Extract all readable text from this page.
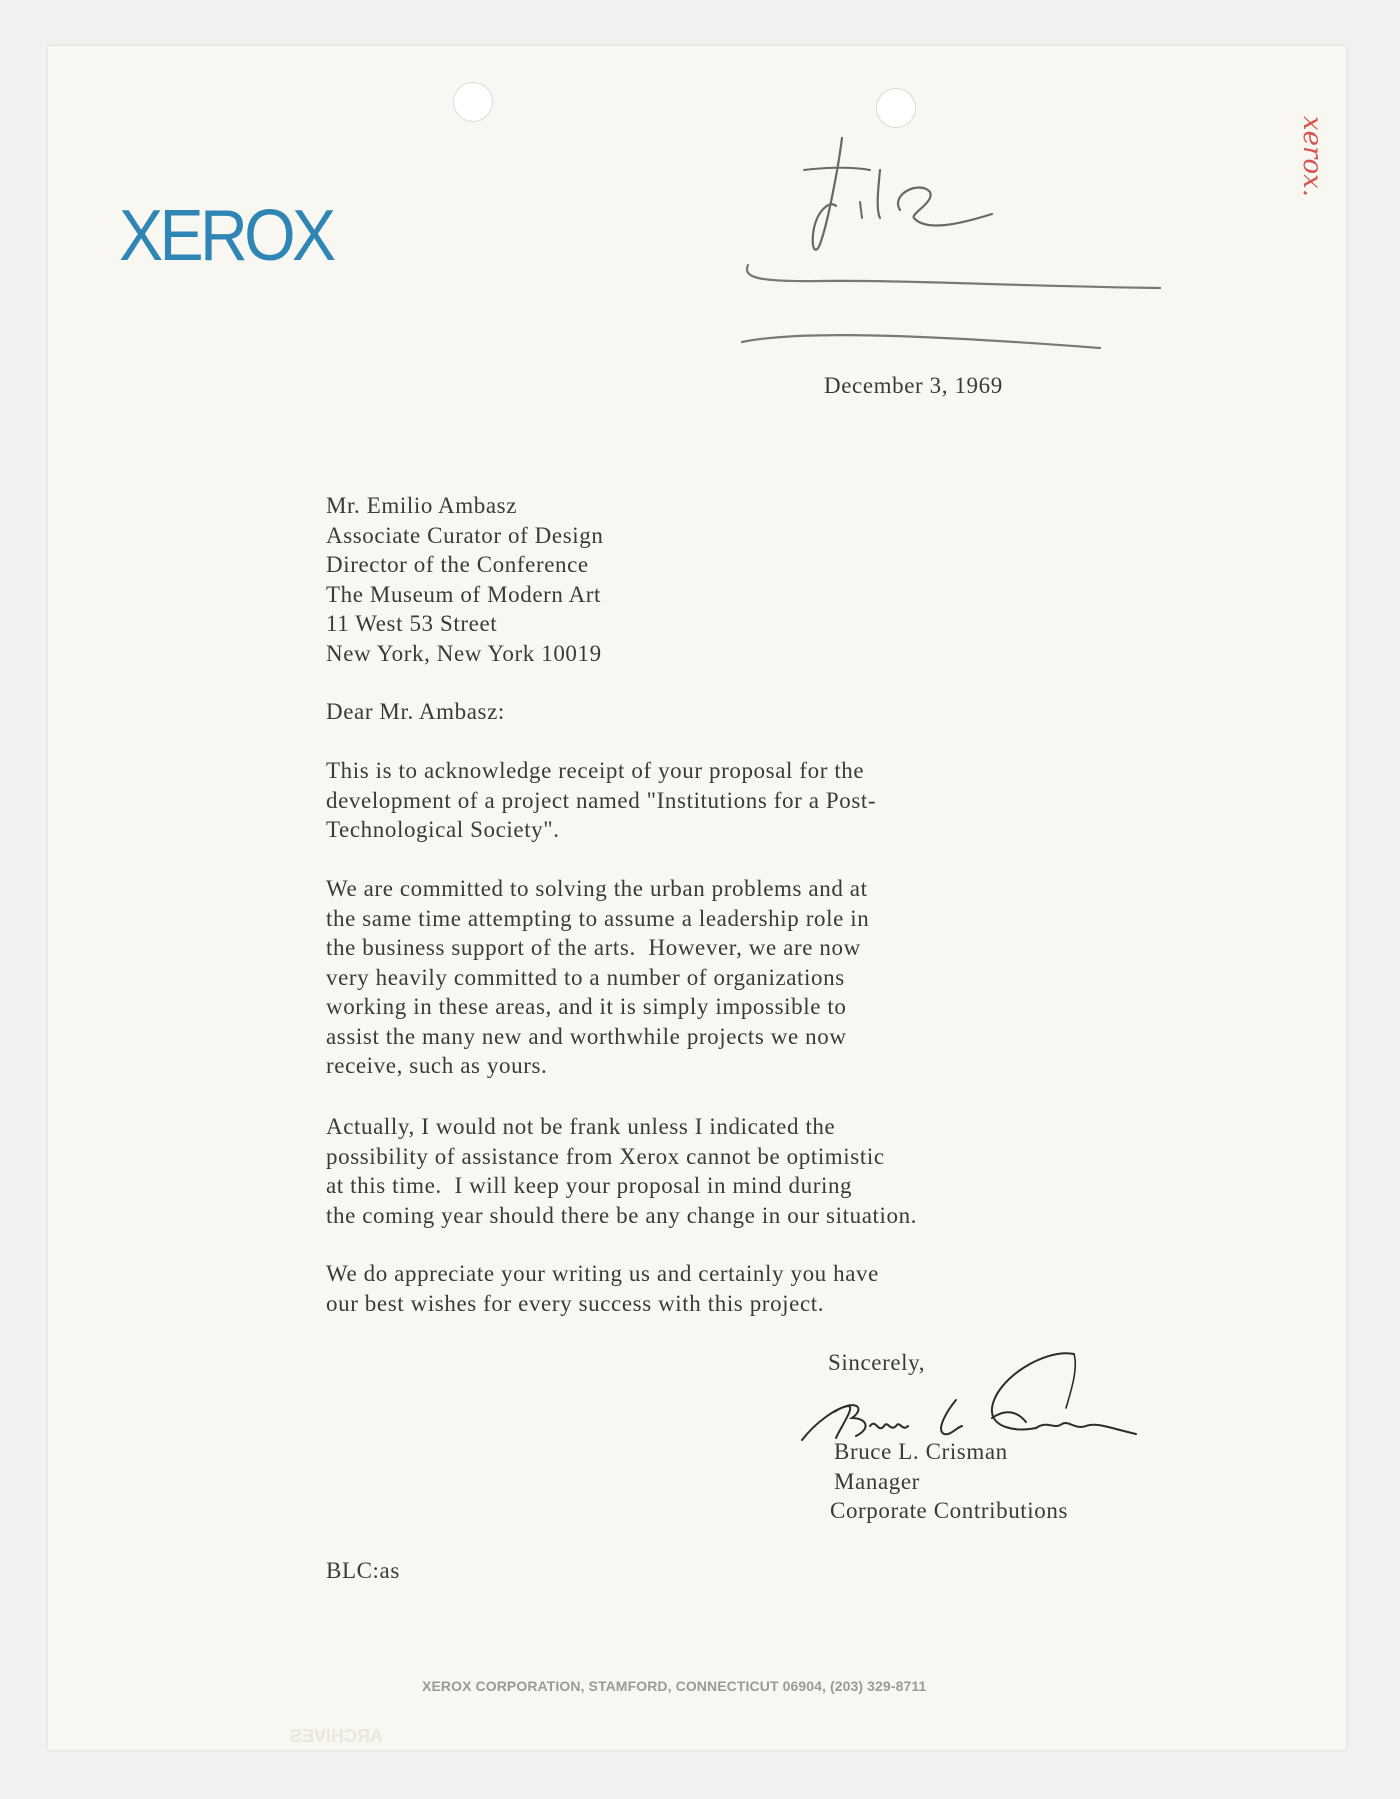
XEROX
xerox.
December 3, 1969
Mr. Emilio Ambasz
Associate Curator of Design
Director of the Conference
The Museum of Modern Art
11 West 53 Street
New York, New York 10019
Dear Mr. Ambasz:
This is to acknowledge receipt of your proposal for the
development of a project named "Institutions for a Post-
Technological Society".
We are committed to solving the urban problems and at
the same time attempting to assume a leadership role in
the business support of the arts.  However, we are now
very heavily committed to a number of organizations
working in these areas, and it is simply impossible to
assist the many new and worthwhile projects we now
receive, such as yours.
Actually, I would not be frank unless I indicated the
possibility of assistance from Xerox cannot be optimistic
at this time.  I will keep your proposal in mind during
the coming year should there be any change in our situation.
We do appreciate your writing us and certainly you have
our best wishes for every success with this project.
Sincerely,
Bruce L. Crisman
Manager
Corporate Contributions
BLC:as
XEROX CORPORATION, STAMFORD, CONNECTICUT 06904, (203) 329-8711
ARCHIVES
